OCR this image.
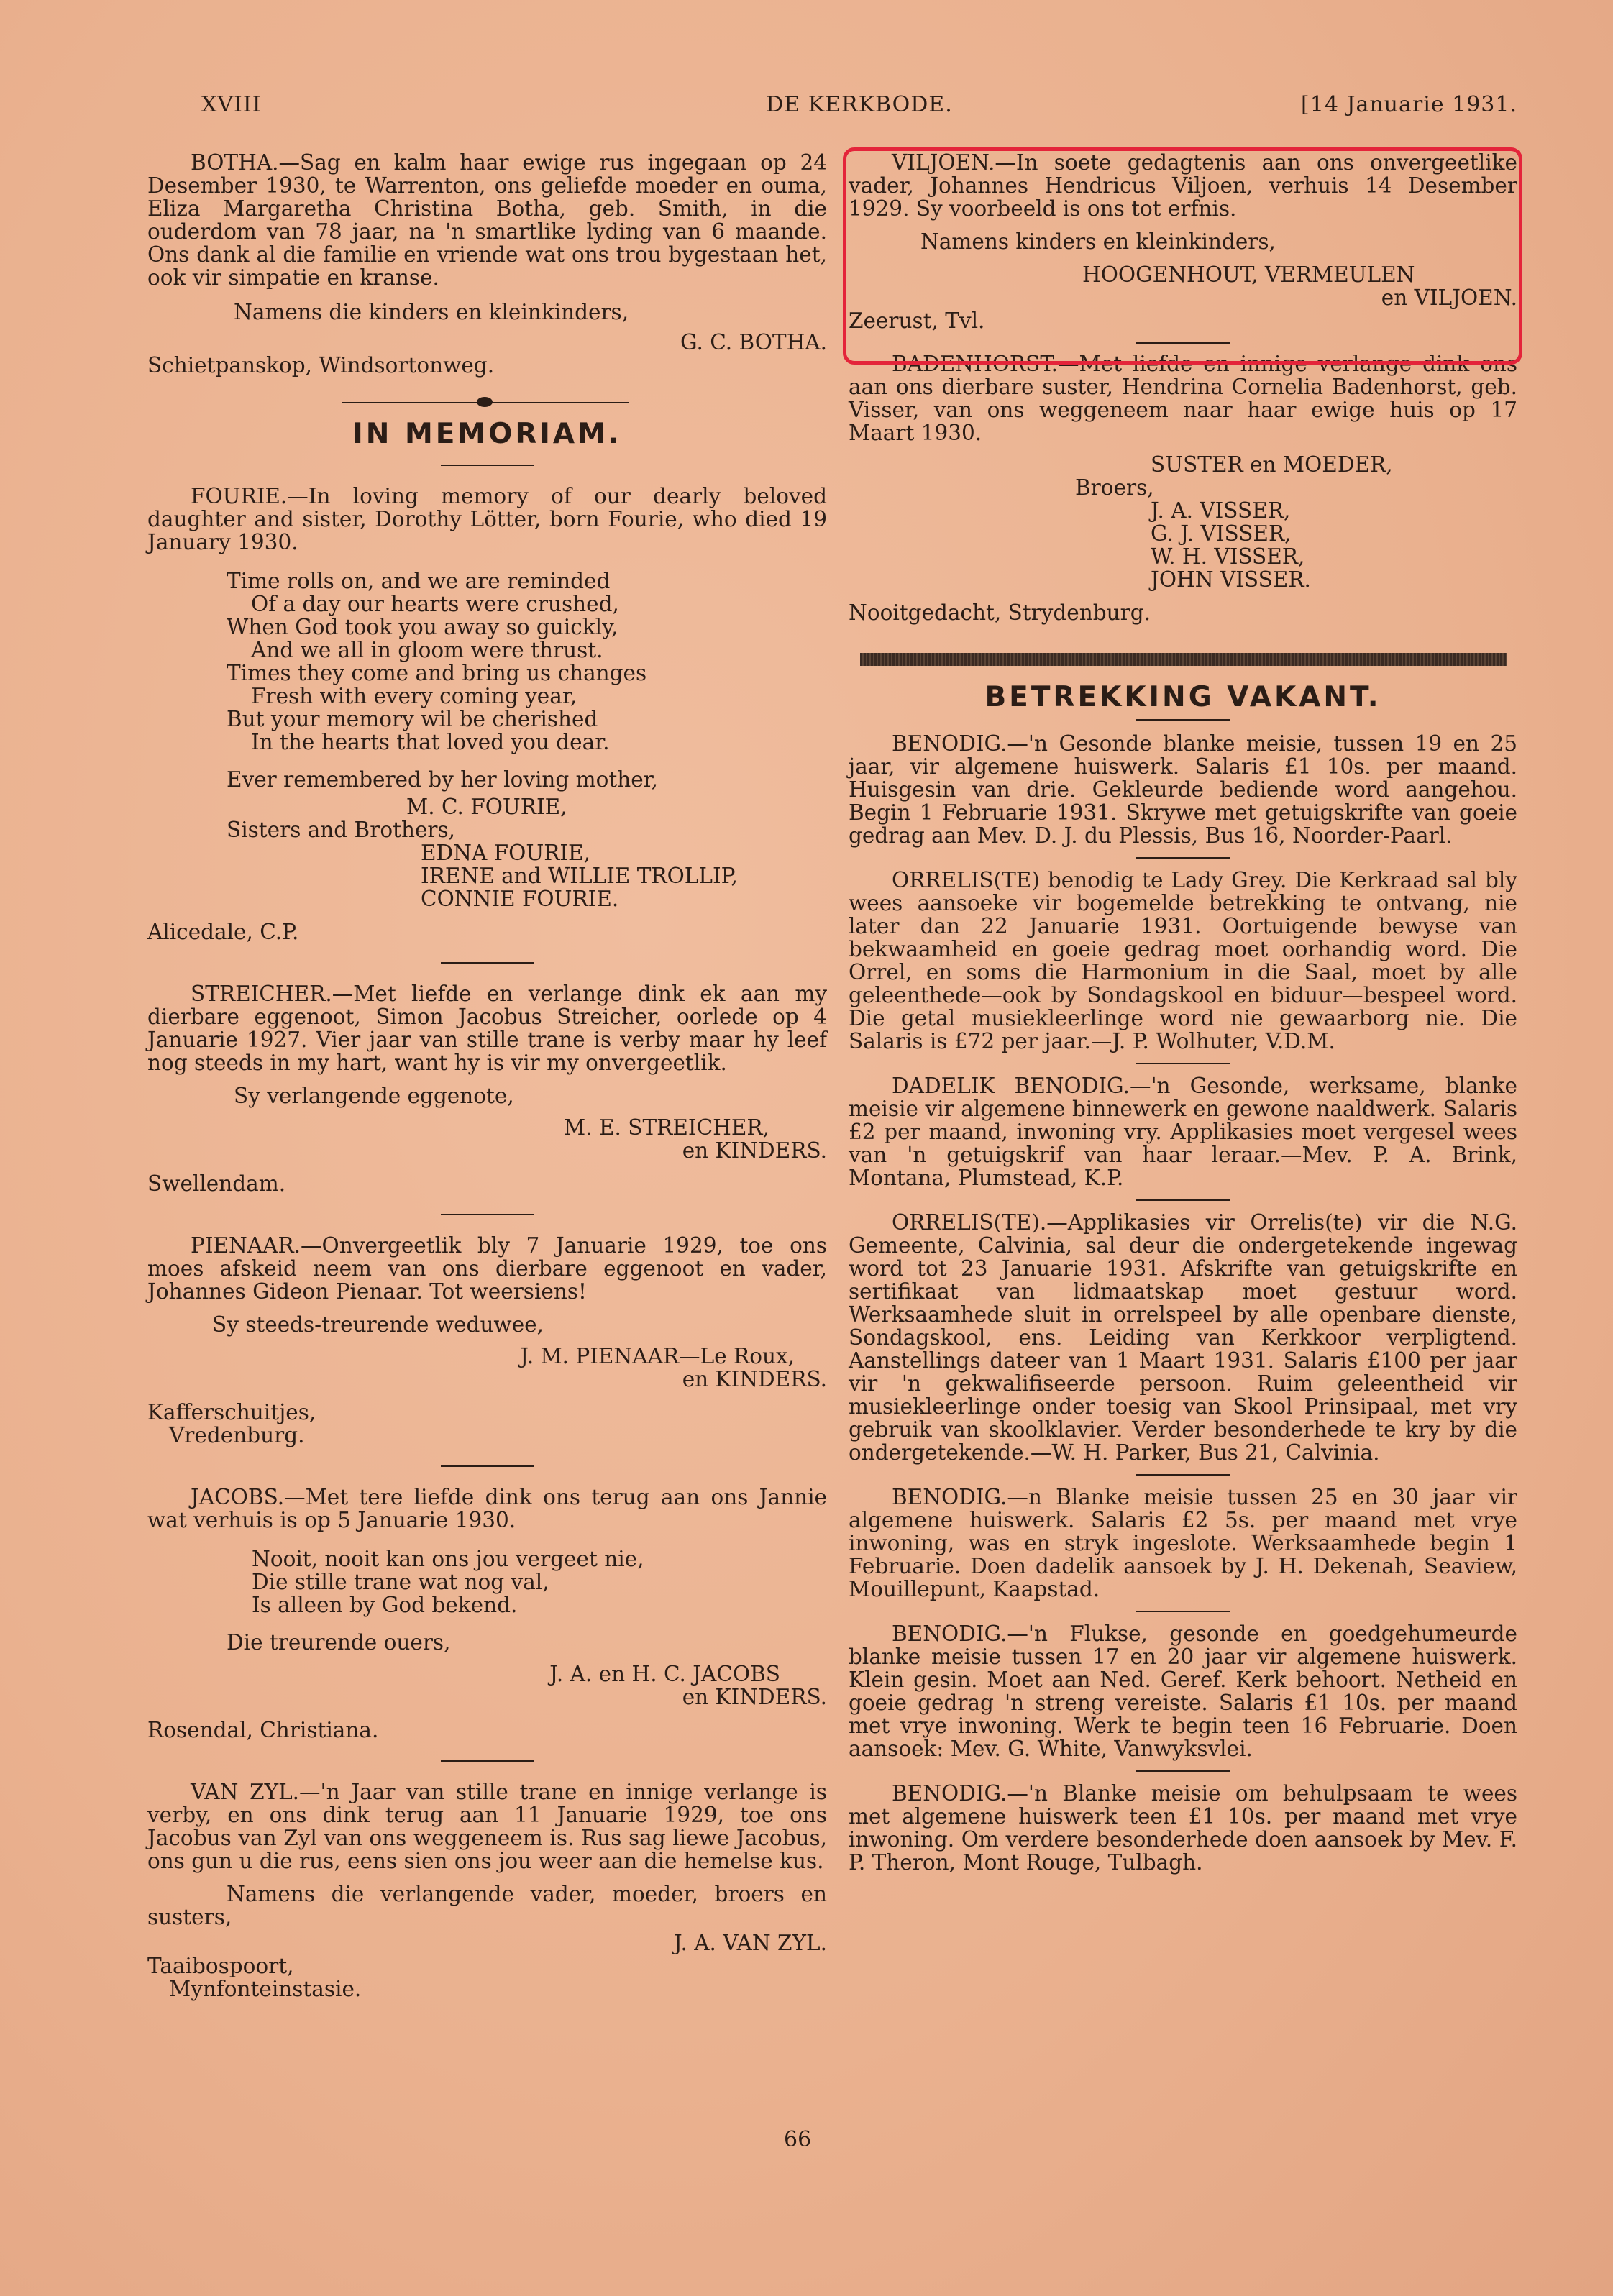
XVIII	DE KERKBODE.	[14 Januarie 1931.

BOTHA.—Sag en kalm haar ewige rus ingegaan op 24 Desember 1930, te Warrenton, ons geliefde moeder en ouma, Eliza Margaretha Christina Botha, geb. Smith, in die ouderdom van 78 jaar, na 'n smartlike lyding van 6 maande. Ons dank al die familie en vriende wat ons trou bygestaan het, ook vir simpatie en kranse.

Namens die kinders en kleinkinders,

G. C. BOTHA.

Schietpanskop, Windsortonweg.

IN MEMORIAM.

FOURIE.—In loving memory of our dearly beloved daughter and sister, Dorothy Lötter, born Fourie, who died 19 January 1930.

Time rolls on, and we are reminded

Of a day our hearts were crushed,

When God took you away so guickly,

And we all in gloom were thrust.

Times they come and bring us changes

Fresh with every coming year,

But your memory wil be cherished

In the hearts that loved you dear.

Ever remembered by her loving mother,

M. C. FOURIE,

Sisters and Brothers,

EDNA FOURIE,

IRENE and WILLIE TROLLIP,

CONNIE FOURIE.

Alicedale, C.P.

STREICHER.—Met liefde en verlange dink ek aan my dierbare eggenoot, Simon Jacobus Streicher, oorlede op 4 Januarie 1927. Vier jaar van stille trane is verby maar hy leef nog steeds in my hart, want hy is vir my onvergeetlik.

Sy verlangende eggenote,

M. E. STREICHER,

en KINDERS.

Swellendam.

PIENAAR.—Onvergeetlik bly 7 Januarie 1929, toe ons moes afskeid neem van ons dierbare eggenoot en vader, Johannes Gideon Pienaar. Tot weersiens!

Sy steeds-treurende weduwee,

J. M. PIENAAR—Le Roux,

en KINDERS.

Kafferschuitjes,

Vredenburg.

JACOBS.—Met tere liefde dink ons terug aan ons Jannie wat verhuis is op 5 Januarie 1930.

Nooit, nooit kan ons jou vergeet nie,

Die stille trane wat nog val,

Is alleen by God bekend.

Die treurende ouers,

J. A. en H. C. JACOBS

en KINDERS.

Rosendal, Christiana.

VAN ZYL.—'n Jaar van stille trane en innige verlange is verby, en ons dink terug aan 11 Januarie 1929, toe ons Jacobus van Zyl van ons weggeneem is. Rus sag liewe Jacobus, ons gun u die rus, eens sien ons jou weer aan die hemelse kus.

Namens die verlangende vader, moeder, broers en susters,

J. A. VAN ZYL.

Taaibospoort,

Mynfonteinstasie.

VILJOEN.—In soete gedagtenis aan ons onvergeetlike vader, Johannes Hendricus Viljoen, verhuis 14 Desember 1929. Sy voorbeeld is ons tot erfnis.

Namens kinders en kleinkinders,

HOOGENHOUT, VERMEULEN

en VILJOEN.

Zeerust, Tvl.

BADENHORST.—Met liefde en innige verlange dink ons aan ons dierbare suster, Hendrina Cornelia Badenhorst, geb. Visser, van ons weggeneem naar haar ewige huis op 17 Maart 1930.

SUSTER en MOEDER,

Broers,

J. A. VISSER,

G. J. VISSER,

W. H. VISSER,

JOHN VISSER.

Nooitgedacht, Strydenburg.

BETREKKING VAKANT.

BENODIG.—'n Gesonde blanke meisie, tussen 19 en 25 jaar, vir algemene huiswerk. Salaris £1 10s. per maand. Huisgesin van drie. Gekleurde bediende word aangehou. Begin 1 Februarie 1931. Skrywe met getuigskrifte van goeie gedrag aan Mev. D. J. du Plessis, Bus 16, Noorder-Paarl.

ORRELIS(TE) benodig te Lady Grey. Die Kerkraad sal bly wees aansoeke vir bogemelde betrekking te ontvang, nie later dan 22 Januarie 1931. Oortuigende bewyse van bekwaamheid en goeie gedrag moet oorhandig word. Die Orrel, en soms die Harmonium in die Saal, moet by alle geleenthede—ook by Sondagskool en biduur—bespeel word. Die getal musiekleerlinge word nie gewaarborg nie. Die Salaris is £72 per jaar.—J. P. Wolhuter, V.D.M.

DADELIK BENODIG.—'n Gesonde, werksame, blanke meisie vir algemene binnewerk en gewone naaldwerk. Salaris £2 per maand, inwoning vry. Applikasies moet vergesel wees van 'n getuigskrif van haar leraar.—Mev. P. A. Brink, Montana, Plumstead, K.P.

ORRELIS(TE).—Applikasies vir Orrelis(te) vir die N.G. Gemeente, Calvinia, sal deur die ondergetekende ingewag word tot 23 Januarie 1931. Afskrifte van getuigskrifte en sertifikaat van lidmaatskap moet gestuur word. Werksaamhede sluit in orrelspeel by alle openbare dienste, Sondagskool, ens. Leiding van Kerkkoor verpligtend. Aanstellings dateer van 1 Maart 1931. Salaris £100 per jaar vir 'n gekwalifiseerde persoon. Ruim geleentheid vir musiekleerlinge onder toesig van Skool Prinsipaal, met vry gebruik van skoolklavier. Verder besonderhede te kry by die ondergetekende.—W. H. Parker, Bus 21, Calvinia.

BENODIG.—n Blanke meisie tussen 25 en 30 jaar vir algemene huiswerk. Salaris £2 5s. per maand met vrye inwoning, was en stryk ingeslote. Werksaamhede begin 1 Februarie. Doen dadelik aansoek by J. H. Dekenah, Seaview, Mouillepunt, Kaapstad.

BENODIG.—'n Flukse, gesonde en goedgehumeurde blanke meisie tussen 17 en 20 jaar vir algemene huiswerk. Klein gesin. Moet aan Ned. Geref. Kerk behoort. Netheid en goeie gedrag 'n streng vereiste. Salaris £1 10s. per maand met vrye inwoning. Werk te begin teen 16 Februarie. Doen aansoek: Mev. G. White, Vanwyksvlei.

BENODIG.—'n Blanke meisie om behulpsaam te wees met algemene huiswerk teen £1 10s. per maand met vrye inwoning. Om verdere besonderhede doen aansoek by Mev. F. P. Theron, Mont Rouge, Tulbagh.

66
